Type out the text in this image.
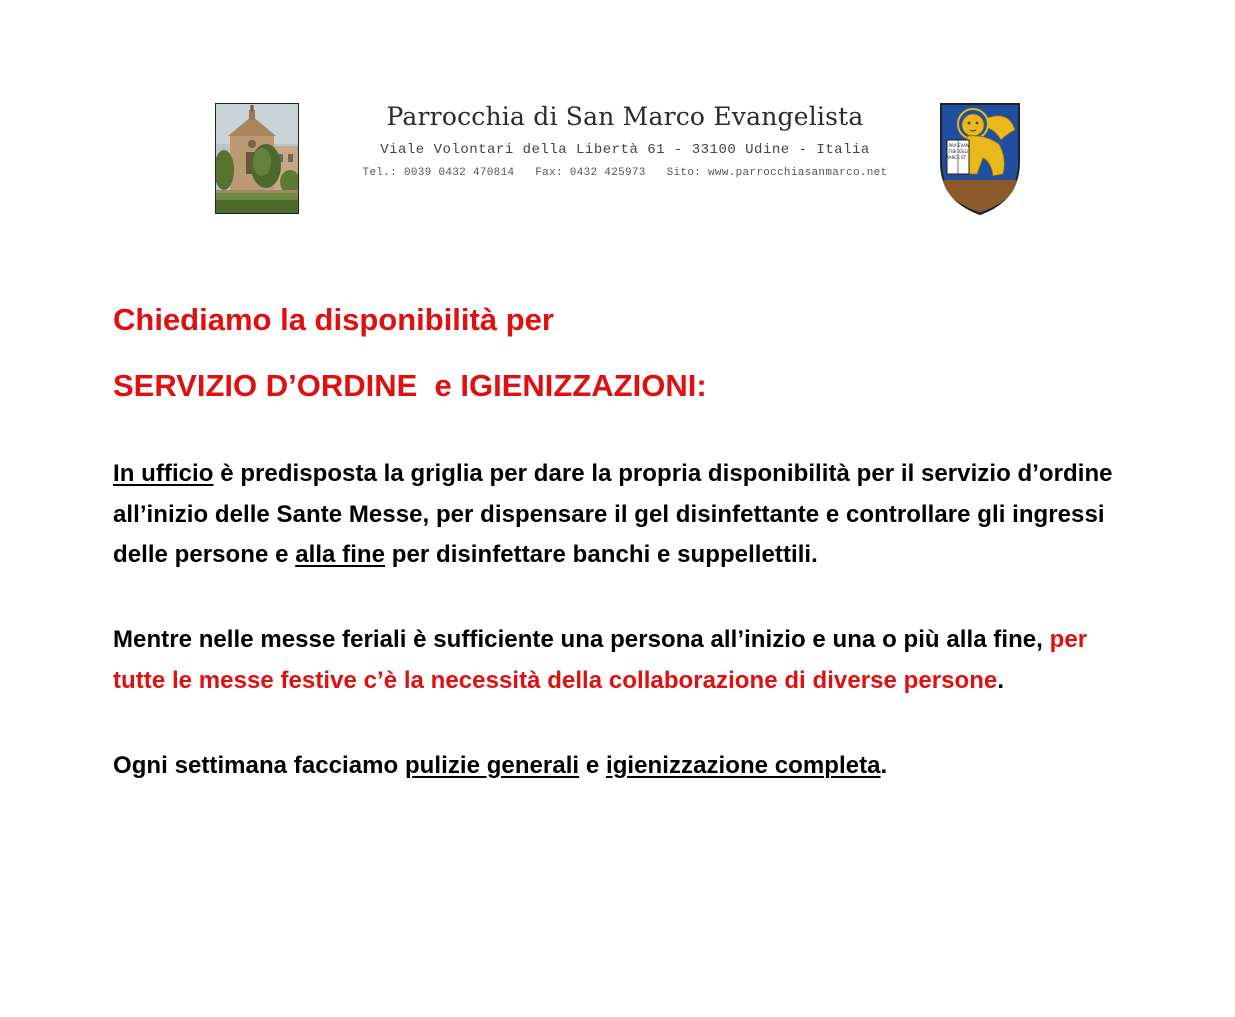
Parrocchia di San Marco Evangelista
Viale Volontari della Libertà 61 - 33100 Udine - Italia
Tel.: 0039 0432 470814 Fax: 0432 425973 Sito: www.parrocchiasanmarco.net
PAX TIBI MARCE
EVAN GELI ST

Chiediamo la disponibilità per

SERVIZIO D’ORDINE  e IGIENIZZAZIONI:

In ufficio è predisposta la griglia per dare la propria disponibilità per il servizio d’ordine all’inizio delle Sante Messe, per dispensare il gel disinfettante e controllare gli ingressi delle persone e alla fine per disinfettare banchi e suppellettili.

Mentre nelle messe feriali è sufficiente una persona all’inizio e una o più alla fine, per tutte le messe festive c’è la necessità della collaborazione di diverse persone.

Ogni settimana facciamo pulizie generali e igienizzazione completa.
